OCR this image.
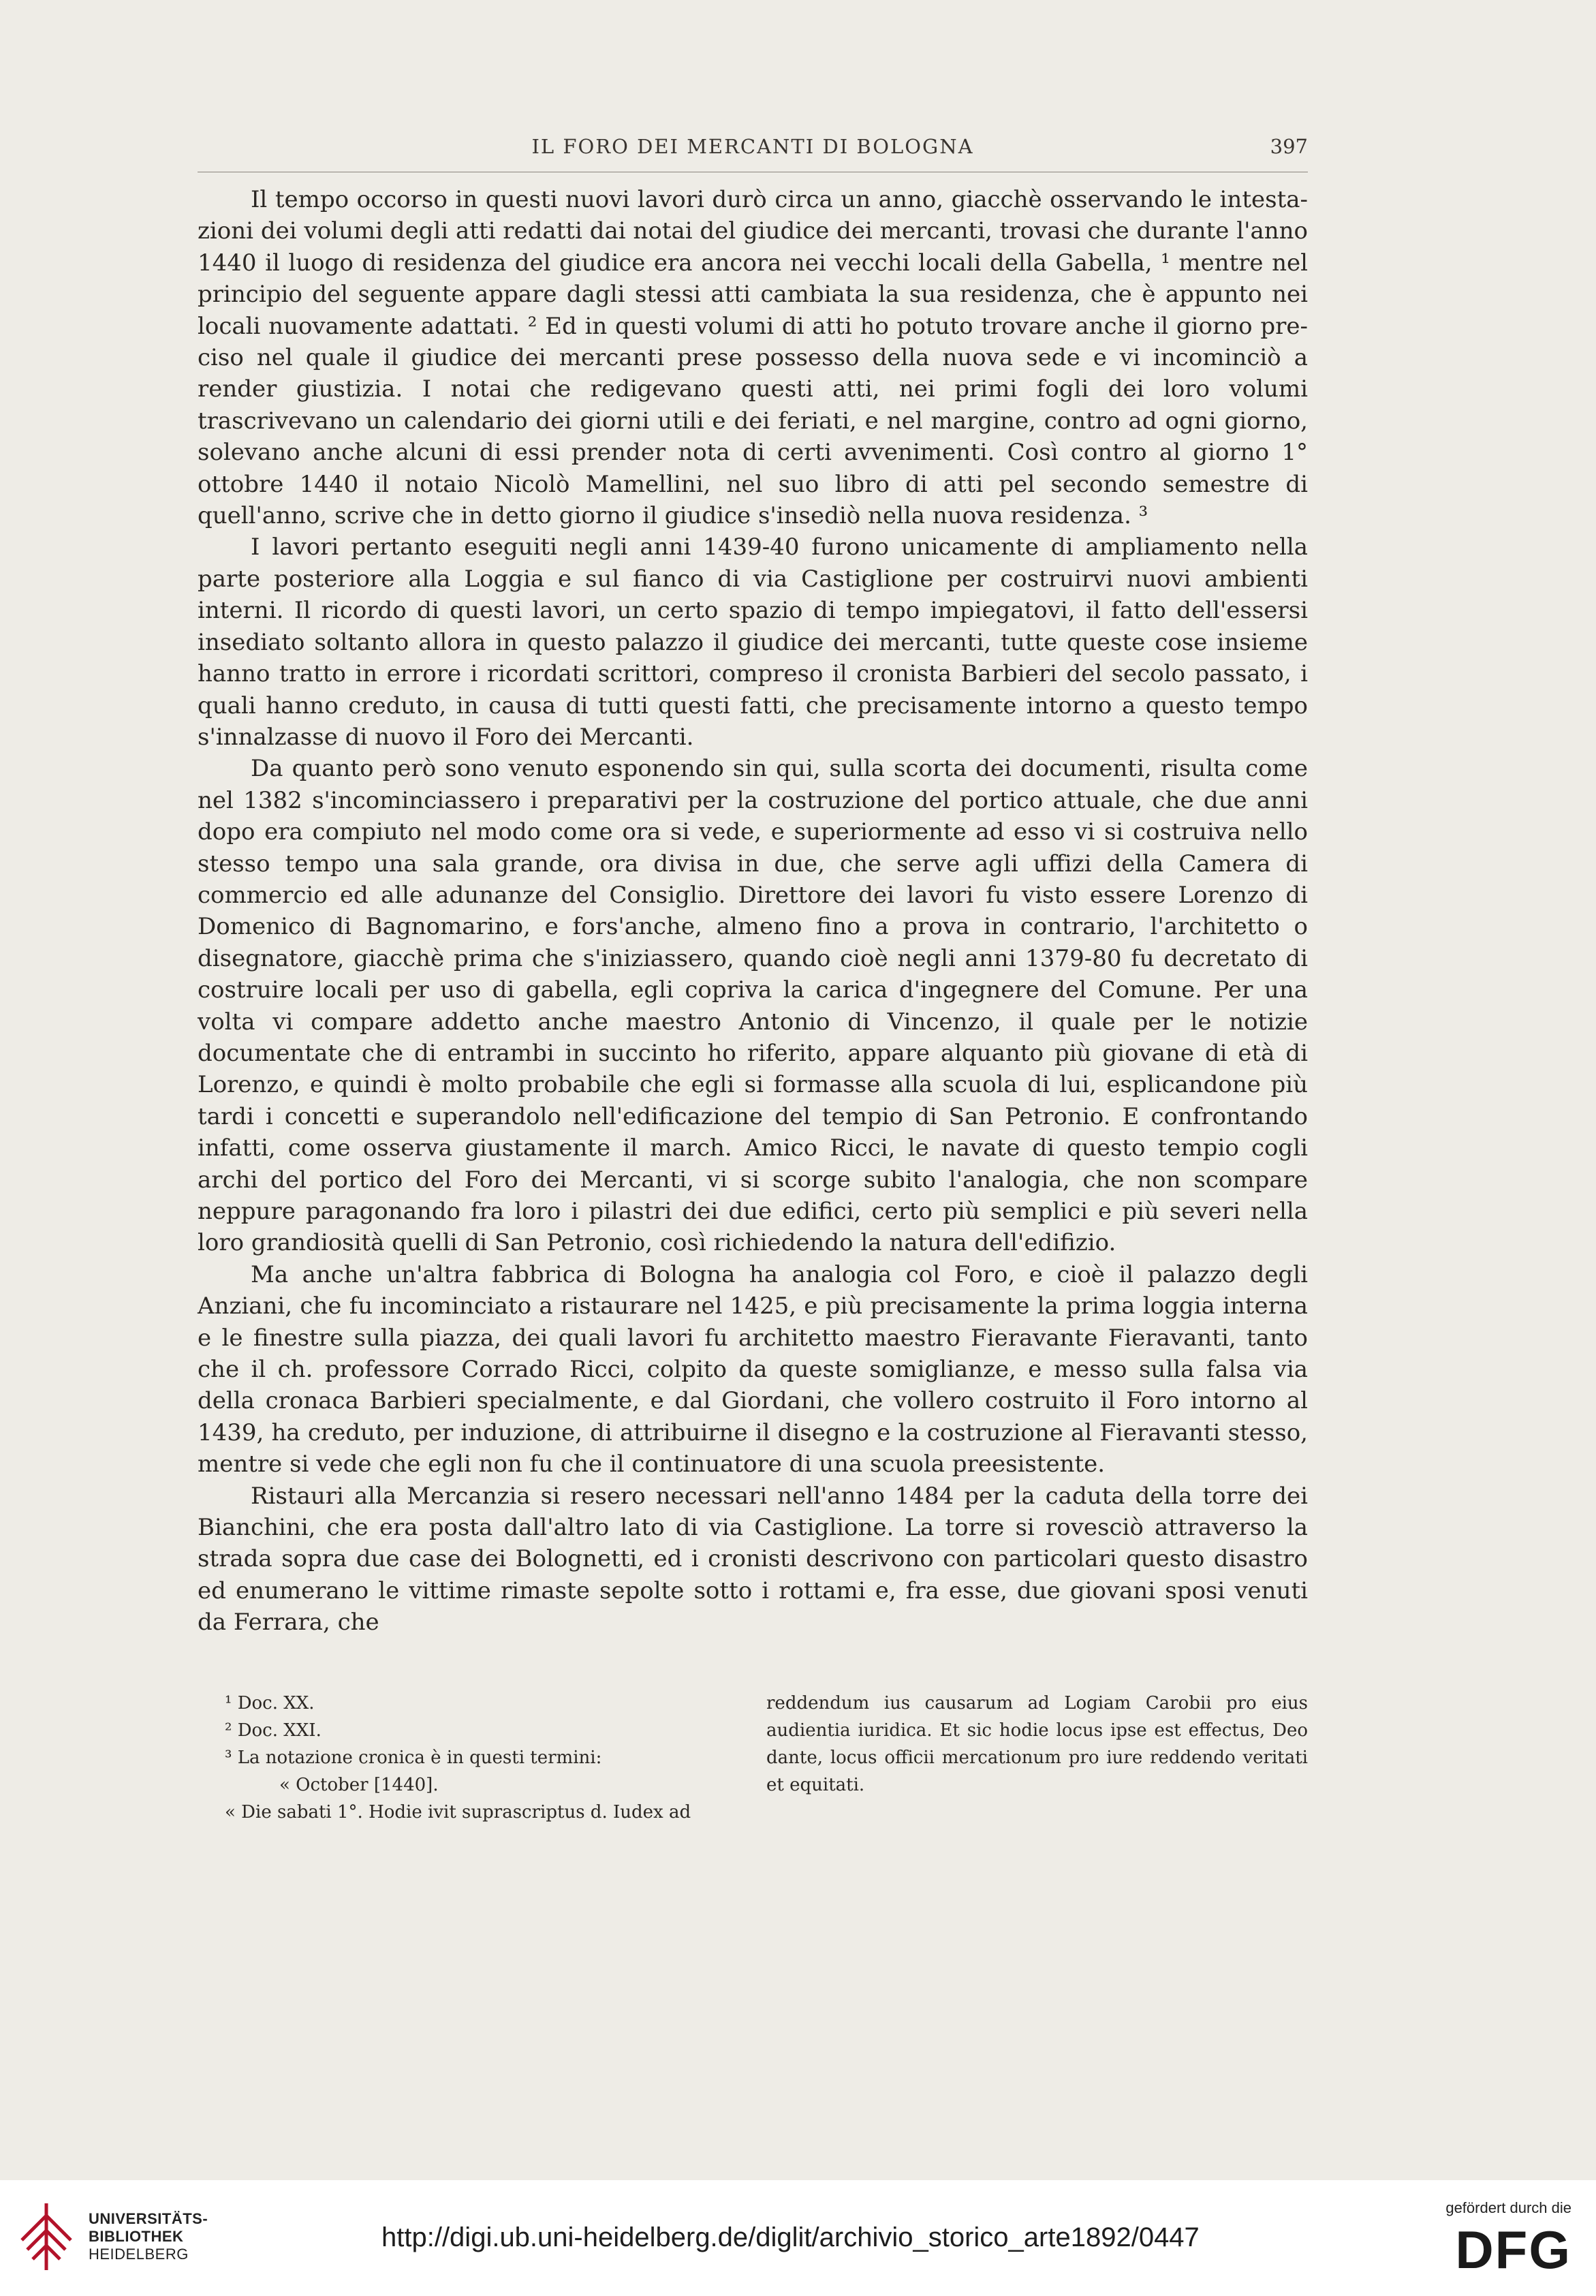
IL FORO DEI MERCANTI DI BOLOGNA	397

Il tempo occorso in questi nuovi lavori durò circa un anno, giacchè osservando le intestazioni dei volumi degli atti redatti dai notai del giudice dei mercanti, trovasi che durante l'anno 1440 il luogo di residenza del giudice era ancora nei vecchi locali della Gabella, ¹ mentre nel principio del seguente appare dagli stessi atti cambiata la sua residenza, che è appunto nei locali nuovamente adattati. ² Ed in questi volumi di atti ho potuto trovare anche il giorno preciso nel quale il giudice dei mercanti prese possesso della nuova sede e vi incominciò a render giustizia. I notai che redigevano questi atti, nei primi fogli dei loro volumi trascrivevano un calendario dei giorni utili e dei feriati, e nel margine, contro ad ogni giorno, solevano anche alcuni di essi prender nota di certi avvenimenti. Così contro al giorno 1° ottobre 1440 il notaio Nicolò Mamellini, nel suo libro di atti pel secondo semestre di quell'anno, scrive che in detto giorno il giudice s'insediò nella nuova residenza. ³

I lavori pertanto eseguiti negli anni 1439-40 furono unicamente di ampliamento nella parte posteriore alla Loggia e sul fianco di via Castiglione per costruirvi nuovi ambienti interni. Il ricordo di questi lavori, un certo spazio di tempo impiegatovi, il fatto dell'essersi insediato soltanto allora in questo palazzo il giudice dei mercanti, tutte queste cose insieme hanno tratto in errore i ricordati scrittori, compreso il cronista Barbieri del secolo passato, i quali hanno creduto, in causa di tutti questi fatti, che precisamente intorno a questo tempo s'innalzasse di nuovo il Foro dei Mercanti.

Da quanto però sono venuto esponendo sin qui, sulla scorta dei documenti, risulta come nel 1382 s'incominciassero i preparativi per la costruzione del portico attuale, che due anni dopo era compiuto nel modo come ora si vede, e superiormente ad esso vi si costruiva nello stesso tempo una sala grande, ora divisa in due, che serve agli uffizi della Camera di commercio ed alle adunanze del Consiglio. Direttore dei lavori fu visto essere Lorenzo di Domenico di Bagnomarino, e fors'anche, almeno fino a prova in contrario, l'architetto o disegnatore, giacchè prima che s'iniziassero, quando cioè negli anni 1379-80 fu decretato di costruire locali per uso di gabella, egli copriva la carica d'ingegnere del Comune. Per una volta vi compare addetto anche maestro Antonio di Vincenzo, il quale per le notizie documentate che di entrambi in succinto ho riferito, appare alquanto più giovane di età di Lorenzo, e quindi è molto probabile che egli si formasse alla scuola di lui, esplicandone più tardi i concetti e superandolo nell'edificazione del tempio di San Petronio. E confrontando infatti, come osserva giustamente il march. Amico Ricci, le navate di questo tempio cogli archi del portico del Foro dei Mercanti, vi si scorge subito l'analogia, che non scompare neppure paragonando fra loro i pilastri dei due edifici, certo più semplici e più severi nella loro grandiosità quelli di San Petronio, così richiedendo la natura dell'edifizio.

Ma anche un'altra fabbrica di Bologna ha analogia col Foro, e cioè il palazzo degli Anziani, che fu incominciato a ristaurare nel 1425, e più precisamente la prima loggia interna e le finestre sulla piazza, dei quali lavori fu architetto maestro Fieravante Fieravanti, tanto che il ch. professore Corrado Ricci, colpito da queste somiglianze, e messo sulla falsa via della cronaca Barbieri specialmente, e dal Giordani, che vollero costruito il Foro intorno al 1439, ha creduto, per induzione, di attribuirne il disegno e la costruzione al Fieravanti stesso, mentre si vede che egli non fu che il continuatore di una scuola preesistente.

Ristauri alla Mercanzia si resero necessari nell'anno 1484 per la caduta della torre dei Bianchini, che era posta dall'altro lato di via Castiglione. La torre si rovesciò attraverso la strada sopra due case dei Bolognetti, ed i cronisti descrivono con particolari questo disastro ed enumerano le vittime rimaste sepolte sotto i rottami e, fra esse, due giovani sposi venuti da Ferrara, che

¹ Doc. XX.

² Doc. XXI.

³ La notazione cronica è in questi termini:

« October [1440].

« Die sabati 1°. Hodie ivit suprascriptus d. Iudex ad

reddendum ius causarum ad Logiam Carobii pro eius audientia iuridica. Et sic hodie locus ipse est effectus, Deo dante, locus officii mercationum pro iure reddendo veritati et equitati.

UNIVERSITÄTS-
BIBLIOTHEK
HEIDELBERG
http://digi.ub.uni-heidelberg.de/diglit/archivio_storico_arte1892/0447
gefördert durch die
DFG
